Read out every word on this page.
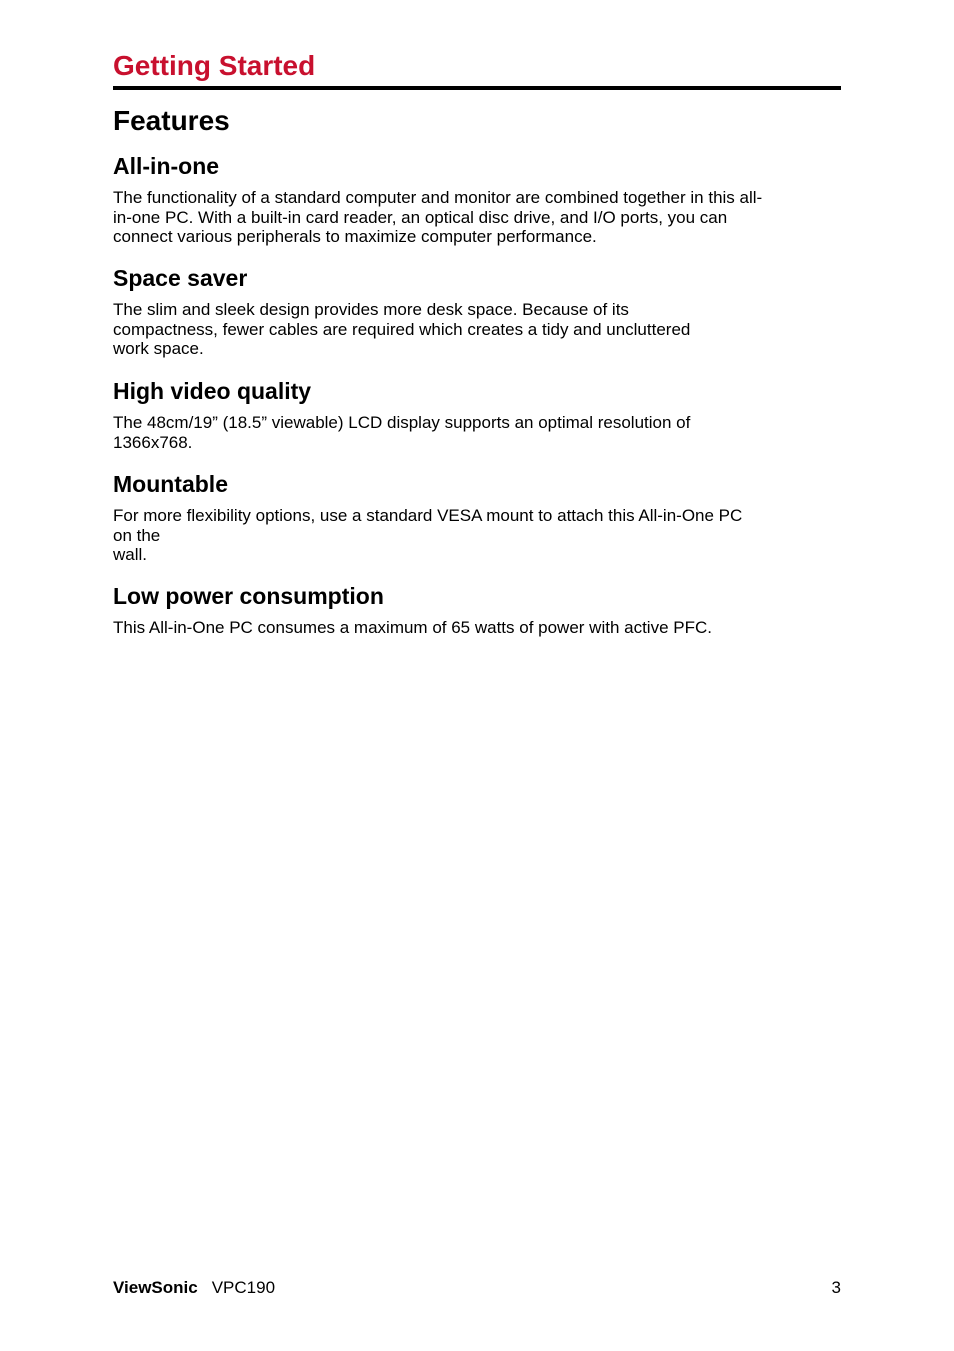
Getting Started
Features
All-in-one

The functionality of a standard computer and monitor are combined together in this all-
in-one PC. With a built-in card reader, an optical disc drive, and I/O ports, you can
connect various peripherals to maximize computer performance.

Space saver

The slim and sleek design provides more desk space. Because of its
compactness, fewer cables are required which creates a tidy and uncluttered
work space.

High video quality

The 48cm/19” (18.5” viewable) LCD display supports an optimal resolution of
1366x768.

Mountable

For more flexibility options, use a standard VESA mount to attach this All-in-One PC
on the
wall.

Low power consumption

This All-in-One PC consumes a maximum of 65 watts of power with active PFC.

ViewSonic VPC190	3
